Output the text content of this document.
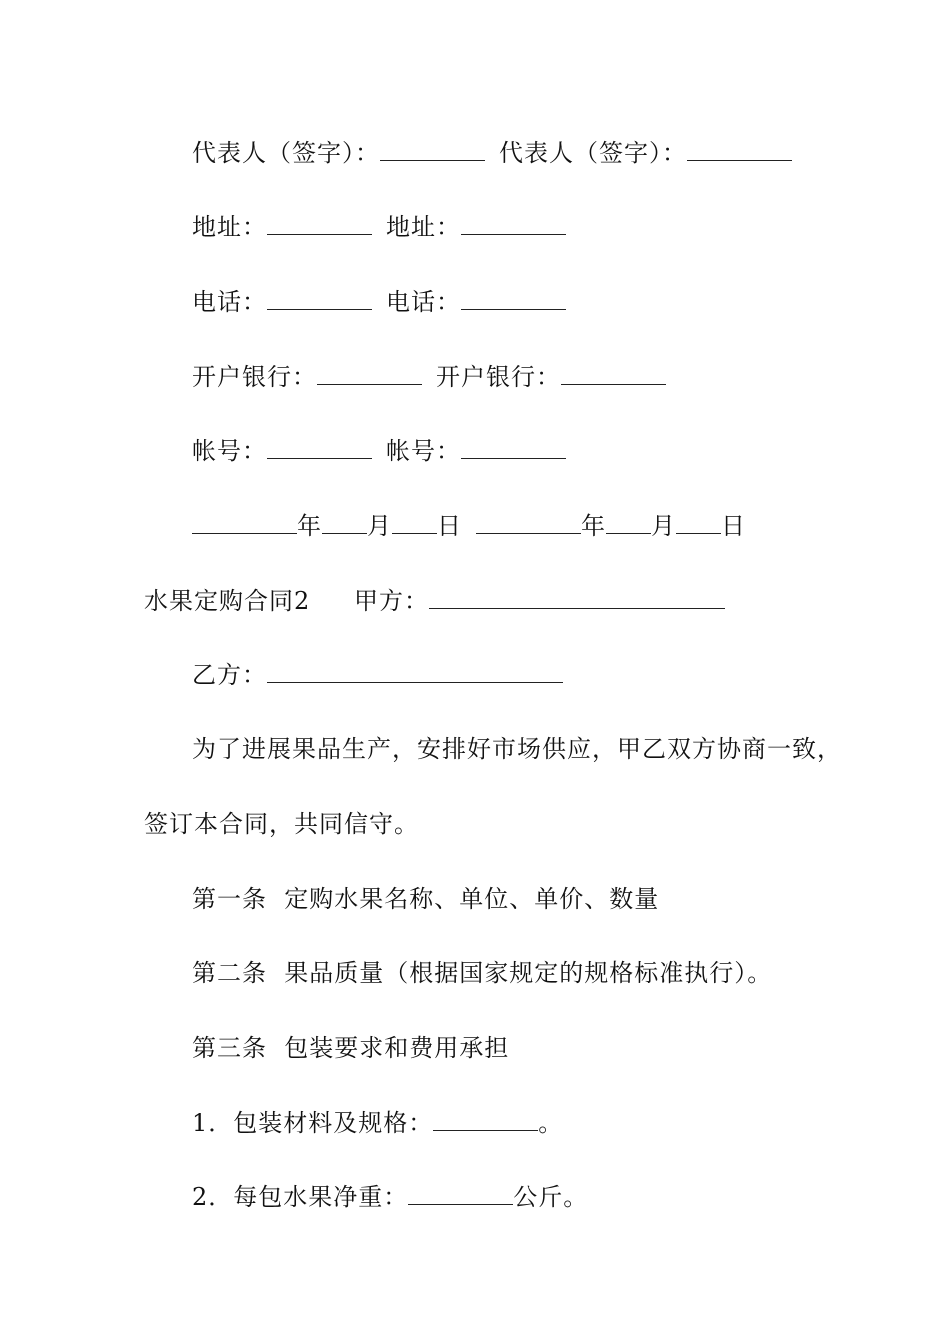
代表人（签字）：	代表人（签字）：
地址：	地址：
电话：	电话：
开户银行：	开户银行：
帐号：	帐号：
年 月 日	年 月 日
水果定购合同2 甲方：
乙方：
为了进展果品生产，安排好市场供应，甲乙双方协商一致，
签订本合同，共同信守。
第一条  定购水果名称、单位、单价、数量
第二条  果品质量（根据国家规定的规格标准执行）。
第三条  包装要求和费用承担
1．包装材料及规格：	。
2．每包水果净重：	公斤。
